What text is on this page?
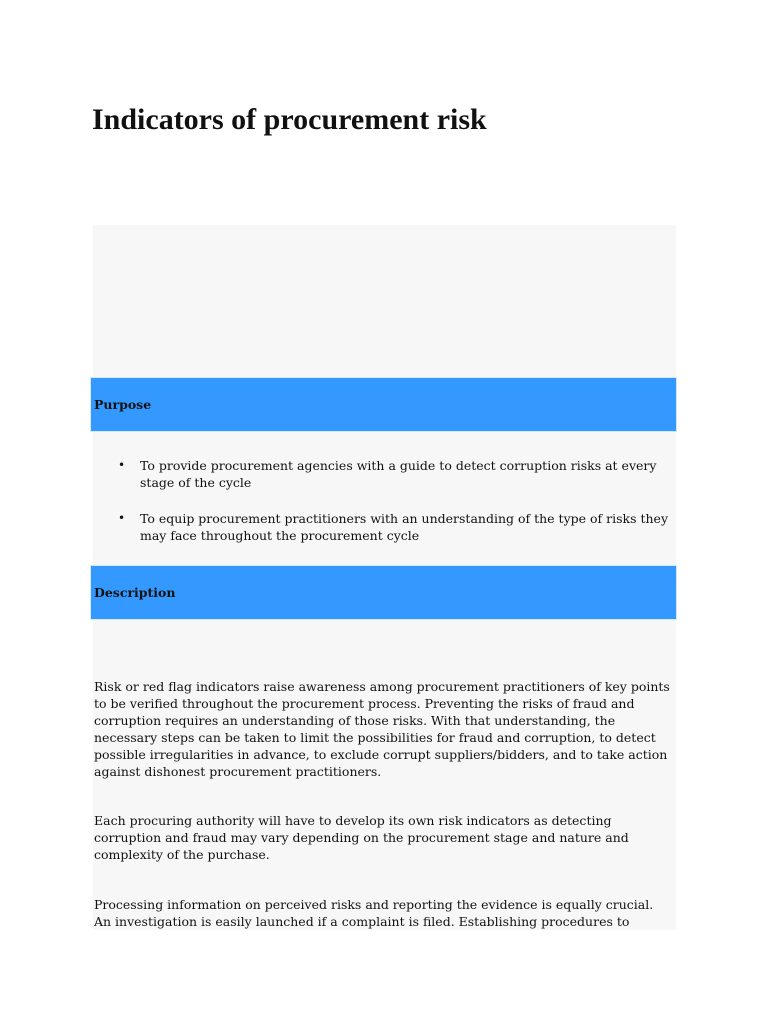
Indicators of procurement risk
Purpose
• To provide procurement agencies with a guide to detect corruption risks at every stage of the cycle
• To equip procurement practitioners with an understanding of the type of risks they may face throughout the procurement cycle
Description

Risk or red flag indicators raise awareness among procurement practitioners of key points to be verified throughout the procurement process. Preventing the risks of fraud and corruption requires an understanding of those risks. With that understanding, the necessary steps can be taken to limit the possibilities for fraud and corruption, to detect possible irregularities in advance, to exclude corrupt suppliers/bidders, and to take action against dishonest procurement practitioners.

Each procuring authority will have to develop its own risk indicators as detecting corruption and fraud may vary depending on the procurement stage and nature and complexity of the purchase.

Processing information on perceived risks and reporting the evidence is equally crucial. An investigation is easily launched if a complaint is filed. Establishing procedures to
